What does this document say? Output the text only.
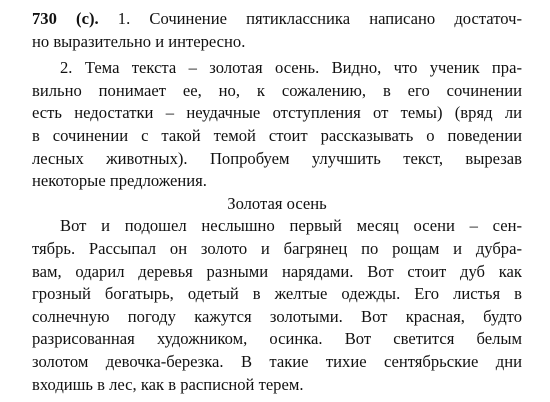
730 (с). 1. Сочинение пятиклассника написано достаточ-
но выразительно и интересно.
2. Тема текста – золотая осень. Видно, что ученик пра-
вильно понимает ее, но, к сожалению, в его сочинении
есть недостатки – неудачные отступления от темы) (вряд ли
в сочинении с такой темой стоит рассказывать о поведении
лесных животных). Попробуем улучшить текст, вырезав
некоторые предложения.
Золотая осень
Вот и подошел неслышно первый месяц осени – сен-
тябрь. Рассыпал он золото и багрянец по рощам и дубра-
вам, одарил деревья разными нарядами. Вот стоит дуб как
грозный богатырь, одетый в желтые одежды. Его листья в
солнечную погоду кажутся золотыми. Вот красная, будто
разрисованная художником, осинка. Вот светится белым
золотом девочка-березка. В такие тихие сентябрьские дни
входишь в лес, как в расписной терем.
